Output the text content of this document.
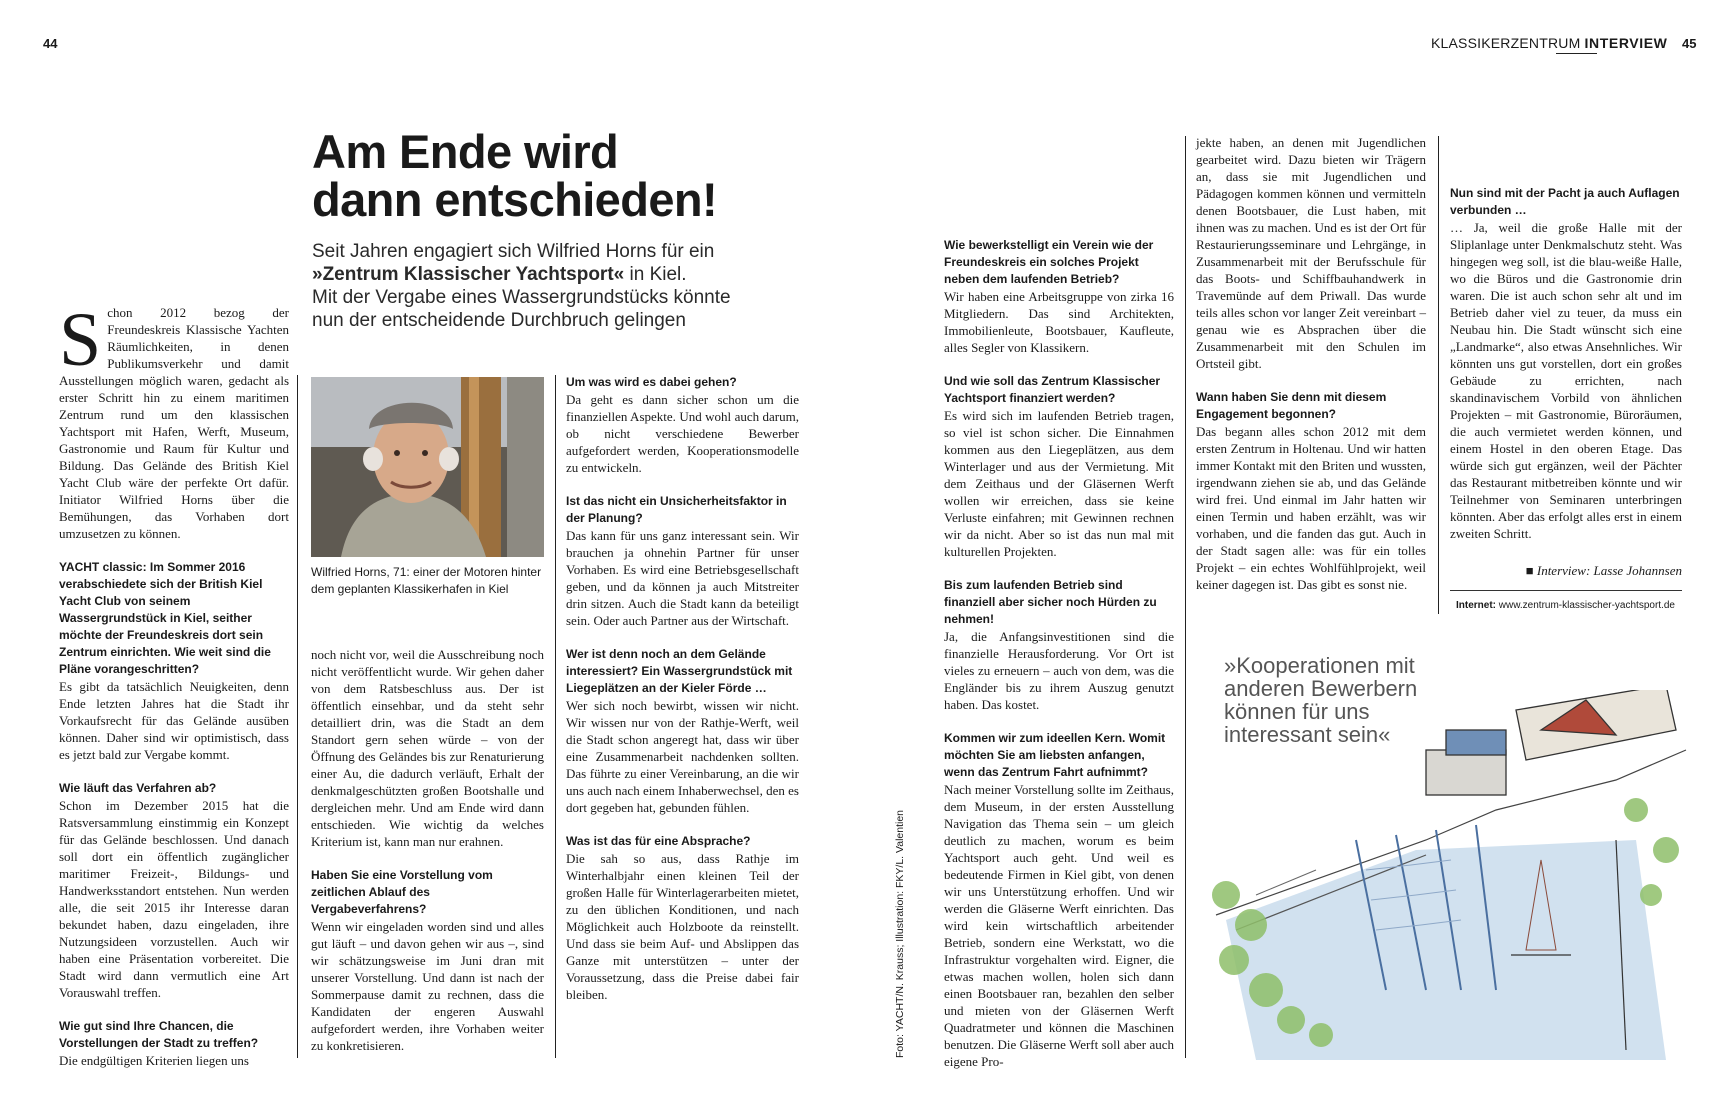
44	KLASSIKERZENTRUM INTERVIEW 45
Am Ende wird
dann entschieden!
Seit Jahren engagiert sich Wilfried Horns für ein
»Zentrum Klassischer Yachtsport« in Kiel.
Mit der Vergabe eines Wassergrundstücks könnte
nun der entscheidende Durchbruch gelingen

Schon 2012 bezog der Freundeskreis Klassische Yachten Räumlichkeiten, in denen Publikumsverkehr und damit Ausstellungen möglich waren, gedacht als erster Schritt hin zu einem maritimen Zentrum rund um den klassischen Yachtsport mit Hafen, Werft, Museum, Gastronomie und Raum für Kultur und Bildung. Das Gelände des British Kiel Yacht Club wäre der perfekte Ort dafür. Initiator Wilfried Horns über die Bemühungen, das Vorhaben dort umzusetzen zu können.

YACHT classic: Im Sommer 2016 verabschiedete sich der British Kiel Yacht Club von seinem Wassergrundstück in Kiel, seither möchte der Freundeskreis dort sein Zentrum einrichten. Wie weit sind die Pläne vorangeschritten?

Es gibt da tatsächlich Neuigkeiten, denn Ende letzten Jahres hat die Stadt ihr Vorkaufsrecht für das Gelände ausüben können. Daher sind wir optimistisch, dass es jetzt bald zur Vergabe kommt.

Wie läuft das Verfahren ab?

Schon im Dezember 2015 hat die Ratsversammlung einstimmig ein Konzept für das Gelände beschlossen. Und danach soll dort ein öffentlich zugänglicher maritimer Freizeit-, Bildungs- und Handwerksstandort entstehen. Nun werden alle, die seit 2015 ihr Interesse daran bekundet haben, dazu eingeladen, ihre Nutzungsideen vorzustellen. Auch wir haben eine Präsentation vorbereitet. Die Stadt wird dann vermutlich eine Art Vorauswahl treffen.

Wie gut sind Ihre Chancen, die Vorstellungen der Stadt zu treffen?

Die endgültigen Kriterien liegen uns

Wilfried Horns, 71: einer der Motoren hinter dem geplanten Klassikerhafen in Kiel

noch nicht vor, weil die Ausschreibung noch nicht veröffentlicht wurde. Wir gehen daher von dem Ratsbeschluss aus. Der ist öffentlich einsehbar, und da steht sehr detailliert drin, was die Stadt an dem Standort gern sehen würde – von der Öffnung des Geländes bis zur Renaturierung einer Au, die dadurch verläuft, Erhalt der denkmalgeschützten großen Bootshalle und dergleichen mehr. Und am Ende wird dann entschieden. Wie wichtig da welches Kriterium ist, kann man nur erahnen.

Haben Sie eine Vorstellung vom zeitlichen Ablauf des Vergabeverfahrens?

Wenn wir eingeladen worden sind und alles gut läuft – und davon gehen wir aus –, sind wir schätzungsweise im Juni dran mit unserer Vorstellung. Und dann ist nach der Sommerpause damit zu rechnen, dass die Kandidaten der engeren Auswahl aufgefordert werden, ihre Vorhaben weiter zu konkretisieren.

Um was wird es dabei gehen?

Da geht es dann sicher schon um die finanziellen Aspekte. Und wohl auch darum, ob nicht verschiedene Bewerber aufgefordert werden, Kooperationsmodelle zu entwickeln.

Ist das nicht ein Unsicherheitsfaktor in der Planung?

Das kann für uns ganz interessant sein. Wir brauchen ja ohnehin Partner für unser Vorhaben. Es wird eine Betriebsgesellschaft geben, und da können ja auch Mitstreiter drin sitzen. Auch die Stadt kann da beteiligt sein. Oder auch Partner aus der Wirtschaft.

Wer ist denn noch an dem Gelände interessiert? Ein Wassergrundstück mit Liegeplätzen an der Kieler Förde …

Wer sich noch bewirbt, wissen wir nicht. Wir wissen nur von der Rathje-Werft, weil die Stadt schon angeregt hat, dass wir über eine Zusammenarbeit nachdenken sollten. Das führte zu einer Vereinbarung, an die wir uns auch nach einem Inhaberwechsel, den es dort gegeben hat, gebunden fühlen.

Was ist das für eine Absprache?

Die sah so aus, dass Rathje im Winterhalbjahr einen kleinen Teil der großen Halle für Winterlagerarbeiten mietet, zu den üblichen Konditionen, und nach Möglichkeit auch Holzboote da reinstellt. Und dass sie beim Auf- und Abslippen das Ganze mit unterstützen – unter der Voraussetzung, dass die Preise dabei fair bleiben.	Foto: YACHT/N. Krauss; Illustration: FKY/L. Valentien

Wie bewerkstelligt ein Verein wie der Freundeskreis ein solches Projekt neben dem laufenden Betrieb?

Wir haben eine Arbeitsgruppe von zirka 16 Mitgliedern. Das sind Architekten, Immobilienleute, Bootsbauer, Kaufleute, alles Segler von Klassikern.

Und wie soll das Zentrum Klassischer Yachtsport finanziert werden?

Es wird sich im laufenden Betrieb tragen, so viel ist schon sicher. Die Einnahmen kommen aus den Liegeplätzen, aus dem Winterlager und aus der Vermietung. Mit dem Zeithaus und der Gläsernen Werft wollen wir erreichen, dass sie keine Verluste einfahren; mit Gewinnen rechnen wir da nicht. Aber so ist das nun mal mit kulturellen Projekten.

Bis zum laufenden Betrieb sind finanziell aber sicher noch Hürden zu nehmen!

Ja, die Anfangsinvestitionen sind die finanzielle Herausforderung. Vor Ort ist vieles zu erneuern – auch von dem, was die Engländer bis zu ihrem Auszug genutzt haben. Das kostet.

Kommen wir zum ideellen Kern. Womit möchten Sie am liebsten anfangen, wenn das Zentrum Fahrt aufnimmt?

Nach meiner Vorstellung sollte im Zeithaus, dem Museum, in der ersten Ausstellung Navigation das Thema sein – um gleich deutlich zu machen, worum es beim Yachtsport auch geht. Und weil es bedeutende Firmen in Kiel gibt, von denen wir uns Unterstützung erhoffen. Und wir werden die Gläserne Werft einrichten. Das wird kein wirtschaftlich arbeitender Betrieb, sondern eine Werkstatt, wo die Infrastruktur vorgehalten wird. Eigner, die etwas machen wollen, holen sich dann einen Bootsbauer ran, bezahlen den selber und mieten von der Gläsernen Werft Quadratmeter und können die Maschinen benutzen. Die Gläserne Werft soll aber auch eigene Pro-

jekte haben, an denen mit Jugendlichen gearbeitet wird. Dazu bieten wir Trägern an, dass sie mit Jugendlichen und Pädagogen kommen können und vermitteln denen Bootsbauer, die Lust haben, mit ihnen was zu machen. Und es ist der Ort für Restaurierungsseminare und Lehrgänge, in Zusammenarbeit mit der Berufsschule für das Boots- und Schiffbauhandwerk in Travemünde auf dem Priwall. Das wurde teils alles schon vor langer Zeit vereinbart – genau wie es Absprachen über die Zusammenarbeit mit den Schulen im Ortsteil gibt.

Wann haben Sie denn mit diesem Engagement begonnen?

Das begann alles schon 2012 mit dem ersten Zentrum in Holtenau. Und wir hatten immer Kontakt mit den Briten und wussten, irgendwann ziehen sie ab, und das Gelände wird frei. Und einmal im Jahr hatten wir einen Termin und haben erzählt, was wir vorhaben, und die fanden das gut. Auch in der Stadt sagen alle: was für ein tolles Projekt – ein echtes Wohlfühlprojekt, weil keiner dagegen ist. Das gibt es sonst nie.

Nun sind mit der Pacht ja auch Auflagen verbunden …

… Ja, weil die große Halle mit der Sliplanlage unter Denkmalschutz steht. Was hingegen weg soll, ist die blau-weiße Halle, wo die Büros und die Gastronomie drin waren. Die ist auch schon sehr alt und im Betrieb daher viel zu teuer, da muss ein Neubau hin. Die Stadt wünscht sich eine „Landmarke“, also etwas Ansehnliches. Wir könnten uns gut vorstellen, dort ein großes Gebäude zu errichten, nach skandinavischem Vorbild von ähnlichen Projekten – mit Gastronomie, Büroräumen, die auch vermietet werden können, und einem Hostel in den oberen Etage. Das würde sich gut ergänzen, weil der Pächter das Restaurant mitbetreiben könnte und wir Teilnehmer von Seminaren unterbringen könnten. Aber das erfolgt alles erst in einem zweiten Schritt.

■ Interview: Lasse Johannsen
Internet: www.zentrum-klassischer-yachtsport.de
»Kooperationen mit
anderen Bewerbern
können für uns
interessant sein«
